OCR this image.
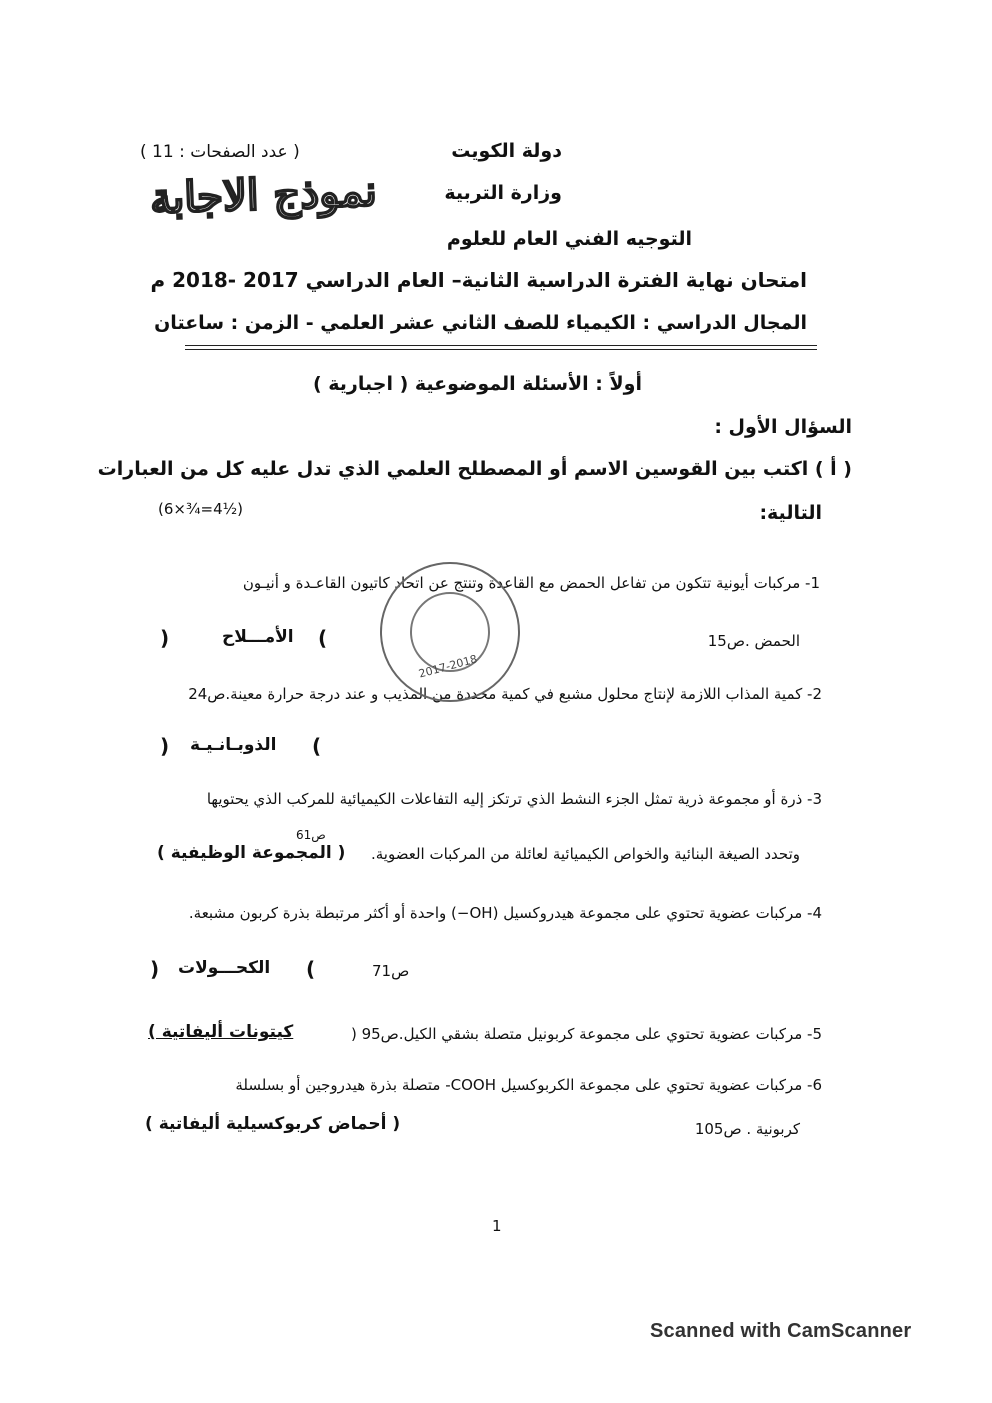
دولة الكويت
( عدد الصفحات : 11 )
وزارة التربية
نموذج الاجابة
التوجيه الفني العام للعلوم
امتحان نهاية الفترة الدراسية الثانية– العام الدراسي 2017 -2018 م
المجال الدراسي : الكيمياء للصف الثاني عشر العلمي - الزمن : ساعتان
أولاً : الأسئلة الموضوعية ( اجبارية )
السؤال الأول :
( أ ) اكتب بين القوسين الاسم أو المصطلح العلمي الذي تدل عليه كل من العبارات
التالية:
(6×¾=4½)
1- مركبات أيونية تتكون من تفاعل الحمض مع القاعدة وتنتج عن اتحاد كاتيون القاعـدة و أنيـون
الحمض .ص15
)	الأمـــلاح (
2- كمية المذاب اللازمة لإنتاج محلول مشبع في كمية محددة من المذيب و عند درجة حرارة معينة.ص24
) الذوبـانـيـة (
3- ذرة أو مجموعة ذرية تمثل الجزء النشط الذي ترتكز إليه التفاعلات الكيميائية للمركب الذي يحتويها
وتحدد الصيغة البنائية والخواص الكيميائية لعائلة من المركبات العضوية.
ص61
( المجموعة الوظيفية )
4- مركبات عضوية تحتوي على مجموعة هيدروكسيل (OH−) واحدة أو أكثر مرتبطة بذرة كربون مشبعة.
ص71
) الكحـــولات (
5- مركبات عضوية تحتوي على مجموعة كربونيل متصلة بشقي الكيل.ص95 (
كيتونات أليفاتية )
6- مركبات عضوية تحتوي على مجموعة الكربوكسيل COOH- متصلة بذرة هيدروجين أو بسلسلة
كربونية . ص105
( أحماض كربوكسيلية أليفاتية )
2017-2018
1
Scanned with CamScanner
